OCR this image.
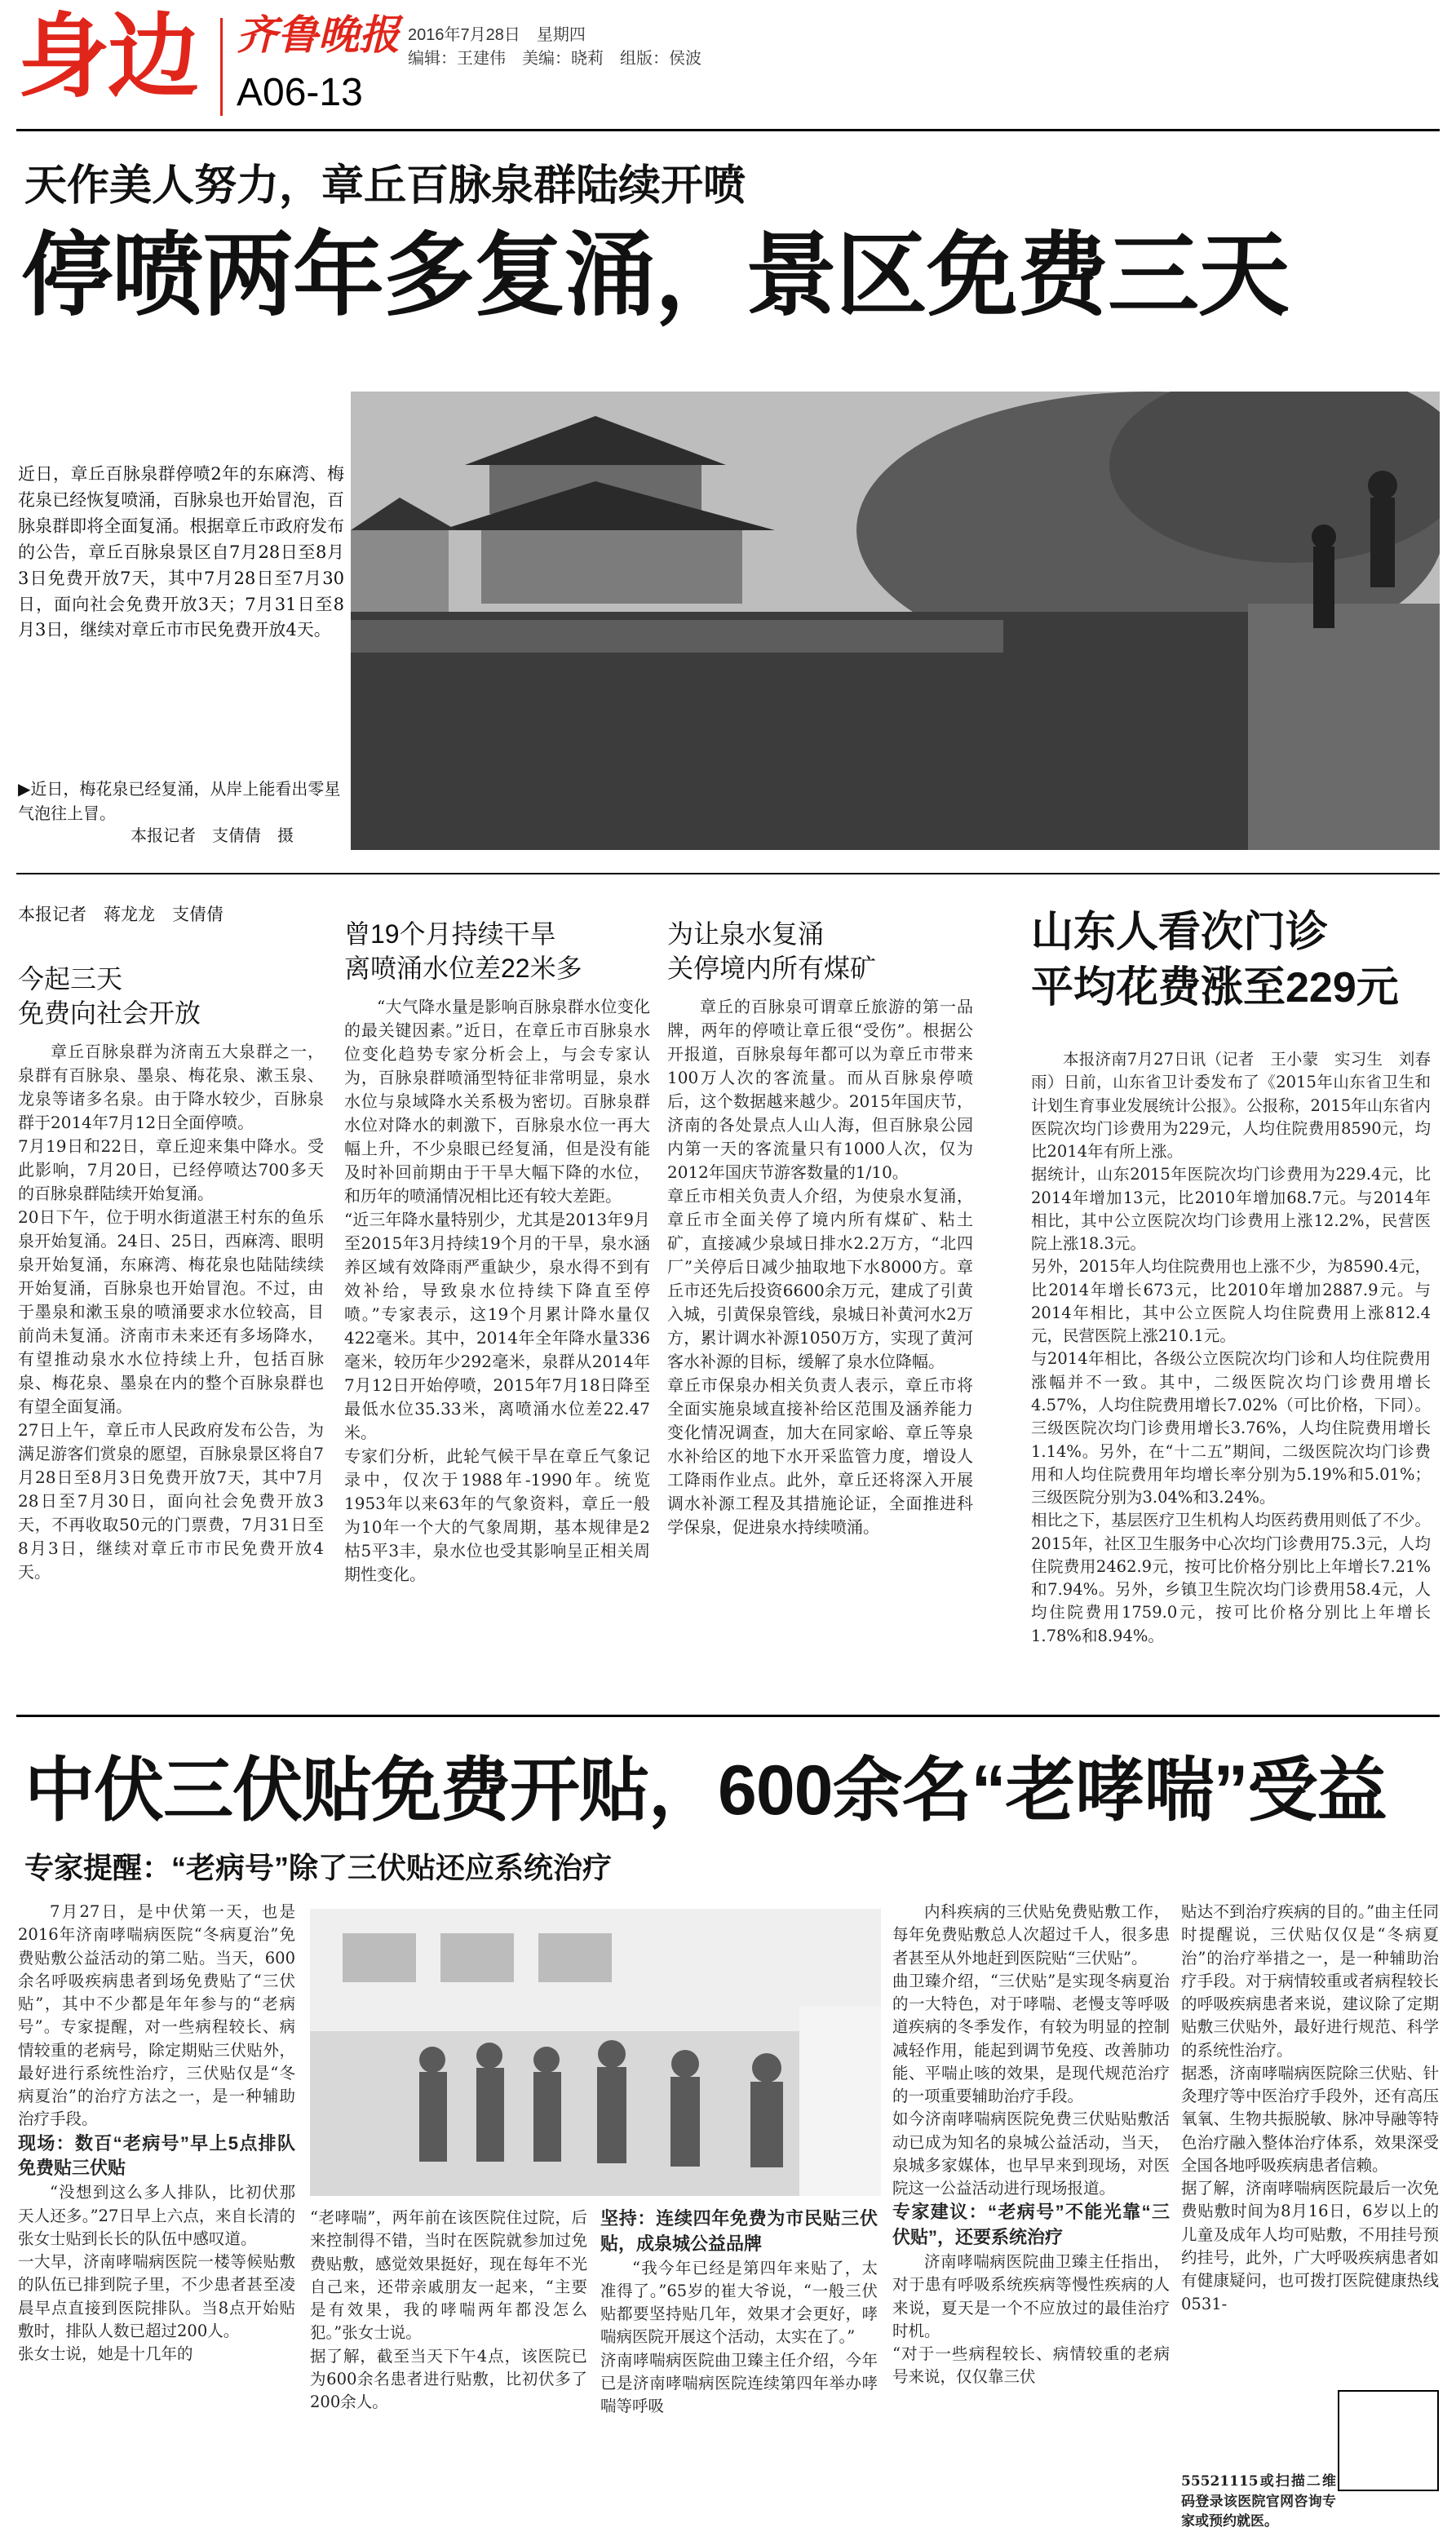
身边 齐鲁晚报
A06-13
2016年7月28日　星期四
编辑：王建伟　美编：晓莉　组版：侯波
天作美人努力，章丘百脉泉群陆续开喷
停喷两年多复涌，景区免费三天
近日，章丘百脉泉群停喷2年的东麻湾、梅花泉已经恢复喷涌，百脉泉也开始冒泡，百脉泉群即将全面复涌。根据章丘市政府发布的公告，章丘百脉泉景区自7月28日至8月3日免费开放7天，其中7月28日至7月30日，面向社会免费开放3天；7月31日至8月3日，继续对章丘市市民免费开放4天。
▶近日，梅花泉已经复涌，从岸上能看出零星气泡往上冒。
本报记者　支倩倩　摄
本报记者　蒋龙龙　支倩倩
今起三天
免费向社会开放
章丘百脉泉群为济南五大泉群之一，泉群有百脉泉、墨泉、梅花泉、漱玉泉、龙泉等诸多名泉。由于降水较少，百脉泉群于2014年7月12日全面停喷。
7月19日和22日，章丘迎来集中降水。受此影响，7月20日，已经停喷达700多天的百脉泉群陆续开始复涌。
20日下午，位于明水街道湛王村东的鱼乐泉开始复涌。24日、25日，西麻湾、眼明泉开始复涌，东麻湾、梅花泉也陆陆续续开始复涌，百脉泉也开始冒泡。不过，由于墨泉和漱玉泉的喷涌要求水位较高，目前尚未复涌。济南市未来还有多场降水，有望推动泉水水位持续上升，包括百脉泉、梅花泉、墨泉在内的整个百脉泉群也有望全面复涌。
27日上午，章丘市人民政府发布公告，为满足游客们赏泉的愿望，百脉泉景区将自7月28日至8月3日免费开放7天，其中7月28日至7月30日，面向社会免费开放3天，不再收取50元的门票费，7月31日至8月3日，继续对章丘市市民免费开放4天。
曾19个月持续干旱
离喷涌水位差22米多
“大气降水量是影响百脉泉群水位变化的最关键因素。”近日，在章丘市百脉泉水位变化趋势专家分析会上，与会专家认为，百脉泉群喷涌型特征非常明显，泉水水位与泉域降水关系极为密切。百脉泉群水位对降水的刺激下，百脉泉水位一再大幅上升，不少泉眼已经复涌，但是没有能及时补回前期由于干旱大幅下降的水位，和历年的喷涌情况相比还有较大差距。
“近三年降水量特别少，尤其是2013年9月至2015年3月持续19个月的干旱，泉水涵养区域有效降雨严重缺少，泉水得不到有效补给，导致泉水位持续下降直至停喷。”专家表示，这19个月累计降水量仅422毫米。其中，2014年全年降水量336毫米，较历年少292毫米，泉群从2014年7月12日开始停喷，2015年7月18日降至最低水位35.33米，离喷涌水位差22.47米。
专家们分析，此轮气候干旱在章丘气象记录中，仅次于1988年-1990年。统览1953年以来63年的气象资料，章丘一般为10年一个大的气象周期，基本规律是2枯5平3丰，泉水位也受其影响呈正相关周期性变化。
为让泉水复涌
关停境内所有煤矿
章丘的百脉泉可谓章丘旅游的第一品牌，两年的停喷让章丘很“受伤”。根据公开报道，百脉泉每年都可以为章丘市带来100万人次的客流量。而从百脉泉停喷后，这个数据越来越少。2015年国庆节，济南的各处景点人山人海，但百脉泉公园内第一天的客流量只有1000人次，仅为2012年国庆节游客数量的1/10。
章丘市相关负责人介绍，为使泉水复涌，章丘市全面关停了境内所有煤矿、粘土矿，直接减少泉域日排水2.2万方，“北四厂”关停后日减少抽取地下水8000方。章丘市还先后投资6600余万元，建成了引黄入城，引黄保泉管线，泉城日补黄河水2万方，累计调水补源1050万方，实现了黄河客水补源的目标，缓解了泉水位降幅。
章丘市保泉办相关负责人表示，章丘市将全面实施泉域直接补给区范围及涵养能力变化情况调查，加大在同家峪、章丘等泉水补给区的地下水开采监管力度，增设人工降雨作业点。此外，章丘还将深入开展调水补源工程及其措施论证，全面推进科学保泉，促进泉水持续喷涌。
山东人看次门诊
平均花费涨至229元
本报济南7月27日讯（记者　王小蒙　实习生　刘春雨）日前，山东省卫计委发布了《2015年山东省卫生和计划生育事业发展统计公报》。公报称，2015年山东省内医院次均门诊费用为229元，人均住院费用8590元，均比2014年有所上涨。
据统计，山东2015年医院次均门诊费用为229.4元，比2014年增加13元，比2010年增加68.7元。与2014年相比，其中公立医院次均门诊费用上涨12.2%，民营医院上涨18.3元。
另外，2015年人均住院费用也上涨不少，为8590.4元，比2014年增长673元，比2010年增加2887.9元。与2014年相比，其中公立医院人均住院费用上涨812.4元，民营医院上涨210.1元。
与2014年相比，各级公立医院次均门诊和人均住院费用涨幅并不一致。其中，二级医院次均门诊费用增长4.57%，人均住院费用增长7.02%（可比价格，下同）。三级医院次均门诊费用增长3.76%，人均住院费用增长1.14%。另外，在“十二五”期间，二级医院次均门诊费用和人均住院费用年均增长率分别为5.19%和5.01%；三级医院分别为3.04%和3.24%。
相比之下，基层医疗卫生机构人均医药费用则低了不少。2015年，社区卫生服务中心次均门诊费用75.3元，人均住院费用2462.9元，按可比价格分别比上年增长7.21%和7.94%。另外，乡镇卫生院次均门诊费用58.4元，人均住院费用1759.0元，按可比价格分别比上年增长1.78%和8.94%。
中伏三伏贴免费开贴，600余名“老哮喘”受益
专家提醒：“老病号”除了三伏贴还应系统治疗
7月27日，是中伏第一天，也是2016年济南哮喘病医院“冬病夏治”免费贴敷公益活动的第二贴。当天，600余名呼吸疾病患者到场免费贴了“三伏贴”，其中不少都是年年参与的“老病号”。专家提醒，对一些病程较长、病情较重的老病号，除定期贴三伏贴外，最好进行系统性治疗，三伏贴仅是“冬病夏治”的治疗方法之一，是一种辅助治疗手段。
现场：数百“老病号”早上5点排队免费贴三伏贴
“没想到这么多人排队，比初伏那天人还多。”27日早上六点，来自长清的张女士贴到长长的队伍中感叹道。
一大早，济南哮喘病医院一楼等候贴敷的队伍已排到院子里，不少患者甚至凌晨早点直接到医院排队。当8点开始贴敷时，排队人数已超过200人。
张女士说，她是十几年的
“老哮喘”，两年前在该医院住过院，后来控制得不错，当时在医院就参加过免费贴敷，感觉效果挺好，现在每年不光自己来，还带亲戚朋友一起来，“主要是有效果，我的哮喘两年都没怎么犯。”张女士说。
据了解，截至当天下午4点，该医院已为600余名患者进行贴敷，比初伏多了200余人。
坚持：连续四年免费为市民贴三伏贴，成泉城公益品牌
“我今年已经是第四年来贴了，太准得了。”65岁的崔大爷说，“一般三伏贴都要坚持贴几年，效果才会更好，哮喘病医院开展这个活动，太实在了。”
济南哮喘病医院曲卫臻主任介绍，今年已是济南哮喘病医院连续第四年举办哮喘等呼吸
内科疾病的三伏贴免费贴敷工作，每年免费贴敷总人次超过千人，很多患者甚至从外地赶到医院贴“三伏贴”。
曲卫臻介绍，“三伏贴”是实现冬病夏治的一大特色，对于哮喘、老慢支等呼吸道疾病的冬季发作，有较为明显的控制减轻作用，能起到调节免疫、改善肺功能、平喘止咳的效果，是现代规范治疗的一项重要辅助治疗手段。
如今济南哮喘病医院免费三伏贴贴敷活动已成为知名的泉城公益活动，当天，泉城多家媒体，也早早来到现场，对医院这一公益活动进行现场报道。
专家建议：“老病号”不能光靠“三伏贴”，还要系统治疗
济南哮喘病医院曲卫臻主任指出，对于患有呼吸系统疾病等慢性疾病的人来说，夏天是一个不应放过的最佳治疗时机。
“对于一些病程较长、病情较重的老病号来说，仅仅靠三伏
贴达不到治疗疾病的目的。”曲主任同时提醒说，三伏贴仅仅是“冬病夏治”的治疗举措之一，是一种辅助治疗手段。对于病情较重或者病程较长的呼吸疾病患者来说，建议除了定期贴敷三伏贴外，最好进行规范、科学的系统性治疗。
据悉，济南哮喘病医院除三伏贴、针灸理疗等中医治疗手段外，还有高压氧氧、生物共振脱敏、脉冲导融等特色治疗融入整体治疗体系，效果深受全国各地呼吸疾病患者信赖。
据了解，济南哮喘病医院最后一次免费贴敷时间为8月16日，6岁以上的儿童及成年人均可贴敷，不用挂号预约挂号，此外，广大呼吸疾病患者如有健康疑问，也可拨打医院健康热线0531-
55521115或扫描二维码登录该医院官网咨询专家或预约就医。
